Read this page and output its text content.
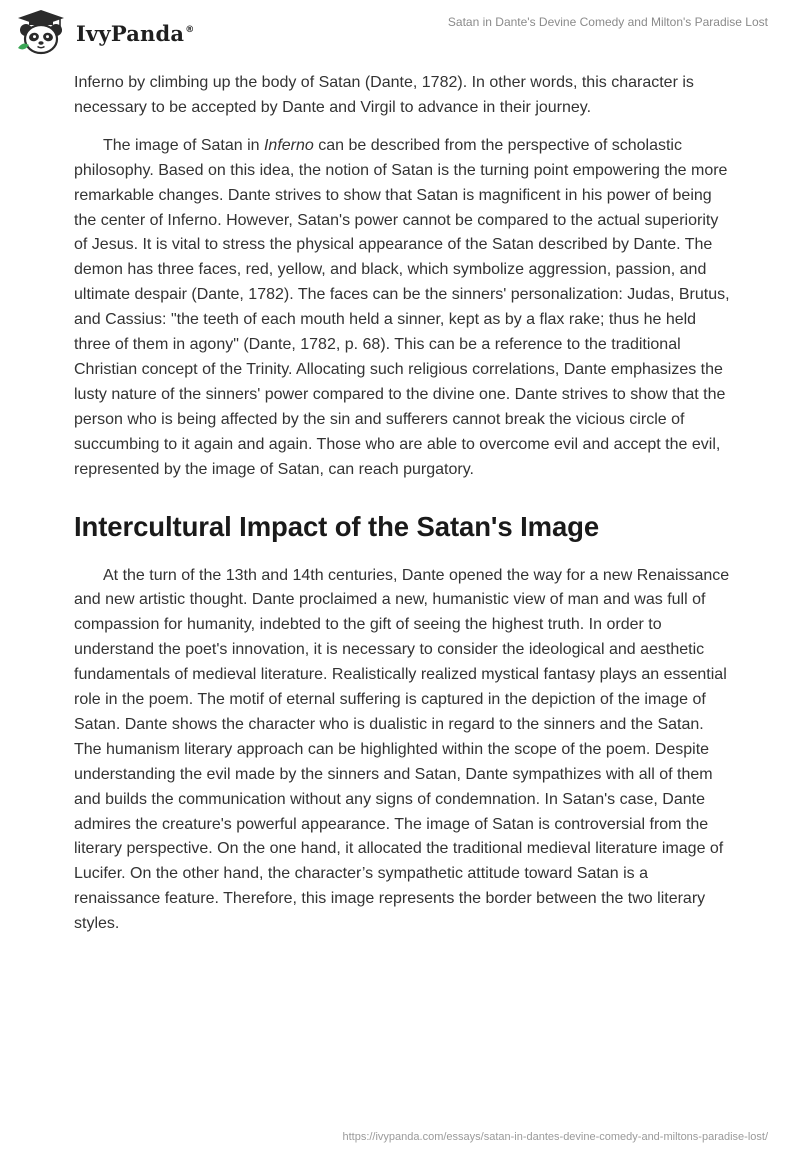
IvyPanda®
Satan in Dante's Devine Comedy and Milton's Paradise Lost

Inferno by climbing up the body of Satan (Dante, 1782). In other words, this character is necessary to be accepted by Dante and Virgil to advance in their journey.

The image of Satan in Inferno can be described from the perspective of scholastic philosophy. Based on this idea, the notion of Satan is the turning point empowering the more remarkable changes. Dante strives to show that Satan is magnificent in his power of being the center of Inferno. However, Satan's power cannot be compared to the actual superiority of Jesus. It is vital to stress the physical appearance of the Satan described by Dante. The demon has three faces, red, yellow, and black, which symbolize aggression, passion, and ultimate despair (Dante, 1782). The faces can be the sinners' personalization: Judas, Brutus, and Cassius: "the teeth of each mouth held a sinner, kept as by a flax rake; thus he held three of them in agony" (Dante, 1782, p. 68). This can be a reference to the traditional Christian concept of the Trinity. Allocating such religious correlations, Dante emphasizes the lusty nature of the sinners' power compared to the divine one. Dante strives to show that the person who is being affected by the sin and sufferers cannot break the vicious circle of succumbing to it again and again. Those who are able to overcome evil and accept the evil, represented by the image of Satan, can reach purgatory.

Intercultural Impact of the Satan's Image

At the turn of the 13th and 14th centuries, Dante opened the way for a new Renaissance and new artistic thought. Dante proclaimed a new, humanistic view of man and was full of compassion for humanity, indebted to the gift of seeing the highest truth. In order to understand the poet's innovation, it is necessary to consider the ideological and aesthetic fundamentals of medieval literature. Realistically realized mystical fantasy plays an essential role in the poem. The motif of eternal suffering is captured in the depiction of the image of Satan. Dante shows the character who is dualistic in regard to the sinners and the Satan. The humanism literary approach can be highlighted within the scope of the poem. Despite understanding the evil made by the sinners and Satan, Dante sympathizes with all of them and builds the communication without any signs of condemnation. In Satan's case, Dante admires the creature's powerful appearance. The image of Satan is controversial from the literary perspective. On the one hand, it allocated the traditional medieval literature image of Lucifer. On the other hand, the character’s sympathetic attitude toward Satan is a renaissance feature. Therefore, this image represents the border between the two literary styles.

https://ivypanda.com/essays/satan-in-dantes-devine-comedy-and-miltons-paradise-lost/
